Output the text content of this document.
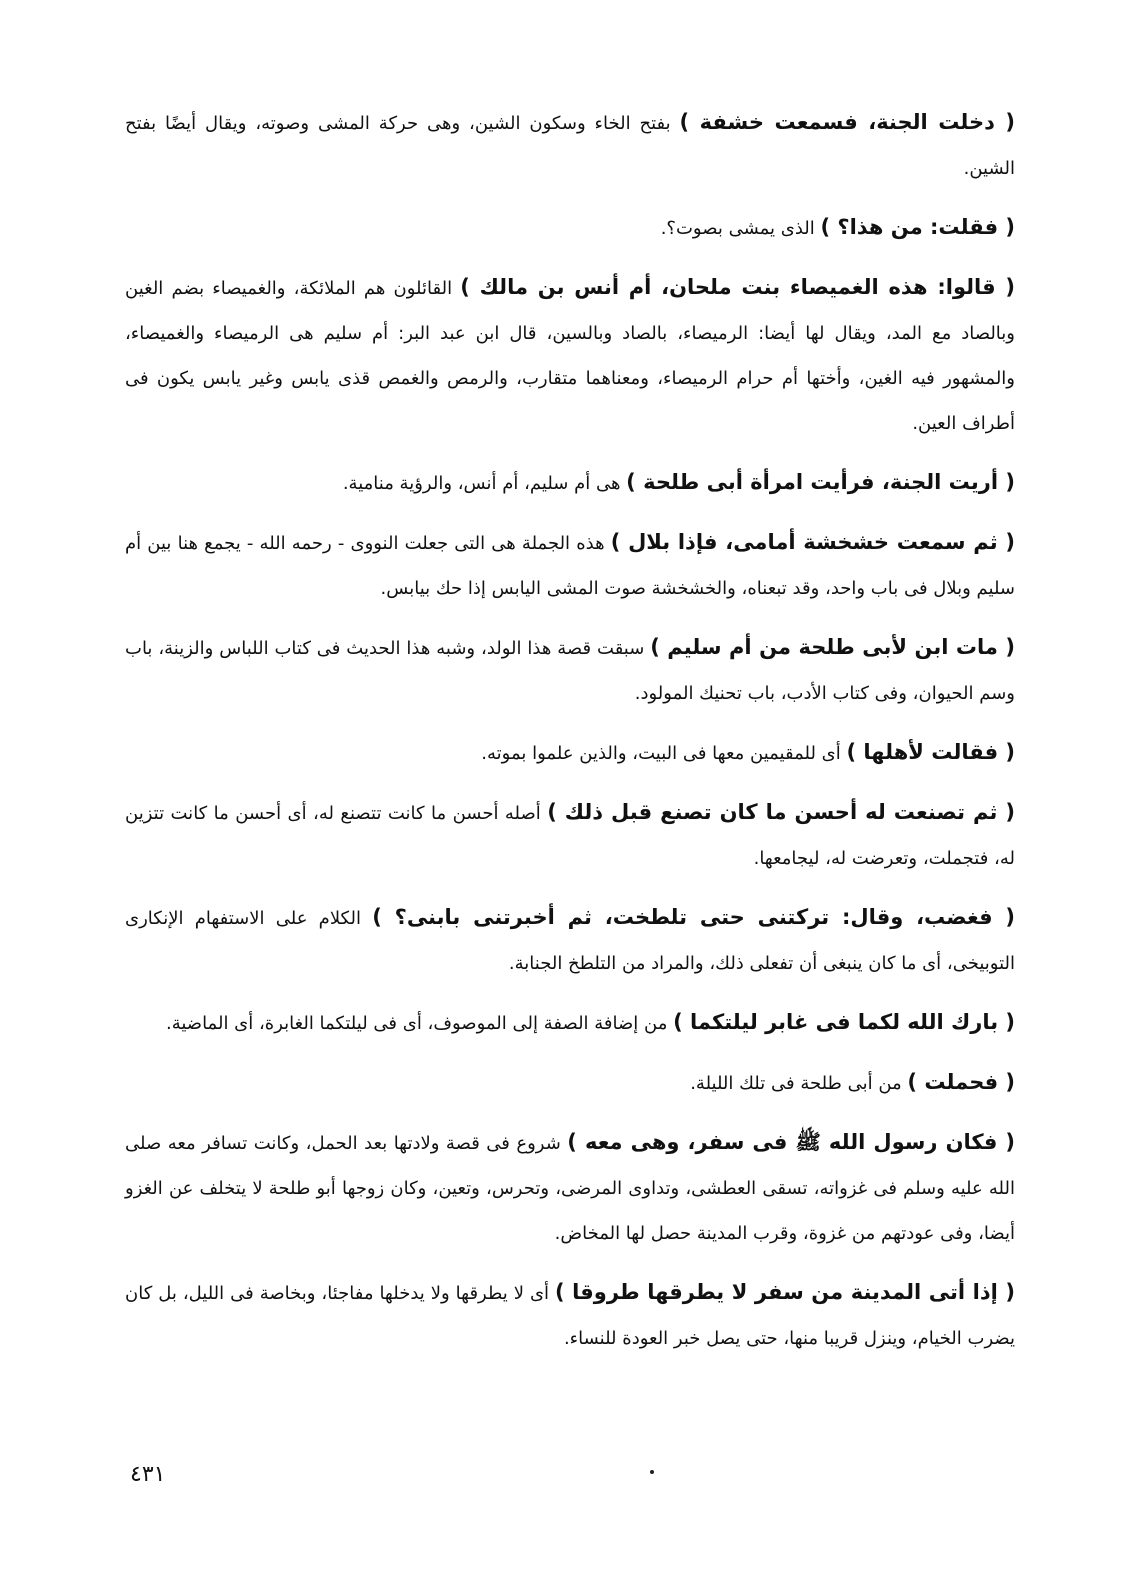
( دخلت الجنة، فسمعت خشفة ) بفتح الخاء وسكون الشين، وهى حركة المشى وصوته، ويقال أيضًا بفتح الشين.

( فقلت: من هذا؟ ) الذى يمشى بصوت؟.

( قالوا: هذه الغميصاء بنت ملحان، أم أنس بن مالك ) القائلون هم الملائكة، والغميصاء بضم الغين وبالصاد مع المد، ويقال لها أيضا: الرميصاء، بالصاد وبالسين، قال ابن عبد البر: أم سليم هى الرميصاء والغميصاء، والمشهور فيه الغين، وأختها أم حرام الرميصاء، ومعناهما متقارب، والرمص والغمص قذى يابس وغير يابس يكون فى أطراف العين.

( أريت الجنة، فرأيت امرأة أبى طلحة ) هى أم سليم، أم أنس، والرؤية منامية.

( ثم سمعت خشخشة أمامى، فإذا بلال ) هذه الجملة هى التى جعلت النووى - رحمه الله - يجمع هنا بين أم سليم وبلال فى باب واحد، وقد تبعناه، والخشخشة صوت المشى اليابس إذا حك بيابس.

( مات ابن لأبى طلحة من أم سليم ) سبقت قصة هذا الولد، وشبه هذا الحديث فى كتاب اللباس والزينة، باب وسم الحيوان، وفى كتاب الأدب، باب تحنيك المولود.

( فقالت لأهلها ) أى للمقيمين معها فى البيت، والذين علموا بموته.

( ثم تصنعت له أحسن ما كان تصنع قبل ذلك ) أصله أحسن ما كانت تتصنع له، أى أحسن ما كانت تتزين له، فتجملت، وتعرضت له، ليجامعها.

( فغضب، وقال: تركتنى حتى تلطخت، ثم أخبرتنى بابنى؟ ) الكلام على الاستفهام الإنكارى التوبيخى، أى ما كان ينبغى أن تفعلى ذلك، والمراد من التلطخ الجنابة.

( بارك الله لكما فى غابر ليلتكما ) من إضافة الصفة إلى الموصوف، أى فى ليلتكما الغابرة، أى الماضية.

( فحملت ) من أبى طلحة فى تلك الليلة.

( فكان رسول الله ﷺ فى سفر، وهى معه ) شروع فى قصة ولادتها بعد الحمل، وكانت تسافر معه صلى الله عليه وسلم فى غزواته، تسقى العطشى، وتداوى المرضى، وتحرس، وتعين، وكان زوجها أبو طلحة لا يتخلف عن الغزو أيضا، وفى عودتهم من غزوة، وقرب المدينة حصل لها المخاض.

( إذا أتى المدينة من سفر لا يطرقها طروقا ) أى لا يطرقها ولا يدخلها مفاجئا، وبخاصة فى الليل، بل كان يضرب الخيام، وينزل قريبا منها، حتى يصل خبر العودة للنساء.

٤٣١
